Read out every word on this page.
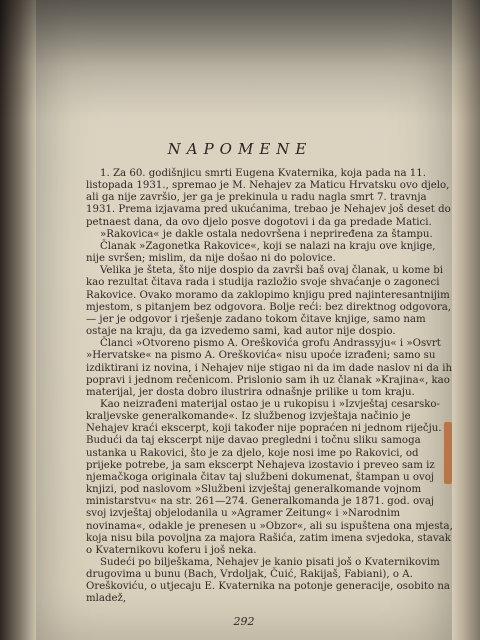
NAPOMENE

1. Za 60. godišnjicu smrti Eugena Kvaternika, koja pada na 11. listopada 1931., spremao je M. Nehajev za Maticu Hrvatsku ovo djelo, ali ga nije završio, jer ga je prekinula u radu nagla smrt 7. travnja 1931. Prema izjavama pred ukućanima, trebao je Nehajev još deset do petnaest dana, da ovo djelo posve dogotovi i da ga predade Matici.

»Rakovica« je dakle ostala nedovršena i neprirеđena za štampu.

Članak »Zagonetka Rakovice«, koji se nalazi na kraju ove knjige, nije svršen; mislim, da nije došao ni do polovice.

Velika je šteta, što nije dospio da završi baš ovaj članak, u kome bi kao rezultat čitava rada i studija razložio svoje shvaćanje o zagoneci Rakovice. Ovako moramo da zaklopimo knjigu pred najinteresantnijim mjestom, s pitanjem bez odgovora. Bolje reći: bez direktnog odgovora, — jer je odgovor i rješenje zadano tokom čitave knjige, samo nam ostaje na kraju, da ga izvedemo sami, kad autor nije dospio.

Članci »Otvoreno pismo A. Oreškovića grofu Andrassyju« i »Osvrt »Hervatske« na pismo A. Oreškovića« nisu upoće izrađeni; samo su izdiktirani iz novina, i Nehajev nije stigao ni da im dade naslov ni da ih popravi i jednom rečenicom. Prislonio sam ih uz članak »Krajina«, kao materijal, jer dosta dobro ilustrira odnašnje prilike u tom kraju.

Kao neizrađeni materijal ostao je u rukopisu i »Izvještaj cesarsko-kraljevske generalkomande«. Iz službenog izvještaja načinio je Nehajev kraći ekscerpt, koji također nije popraćen ni jednom riječju. Budući da taj ekscerpt nije davao pregledni i točnu sliku samoga ustanka u Rakovici, što je za djelo, koje nosi ime po Rakovici, od prijeke potrebe, ja sam ekscerpt Nehajeva izostavio i preveo sam iz njemačkoga originala čitav taj službeni dokumenat, štampan u ovoj knjizi, pod naslovom »Službeni izvještaj generalkomande vojnom ministarstvu« na str. 261—274. Generalkomanda je 1871. god. ovaj svoj izvještaj objelodanila u »Agramer Zeitung« i »Narodnim novinama«, odakle je prenesen u »Obzor«, ali su ispuštena ona mjesta, koja nisu bila povoljna za majora Rašića, zatim imena svjedoka, stavak o Kvaternikovu koferu i još neka.

Sudeći po bilješkama, Nehajev je kanio pisati još o Kvaternikovim drugovima u bunu (Bach, Vrdoljak, Čuić, Rakijaš, Fabiani), o A. Oreškoviću, o utjecaju E. Kvaternika na potonje generacije, osobito na mladež,

292
